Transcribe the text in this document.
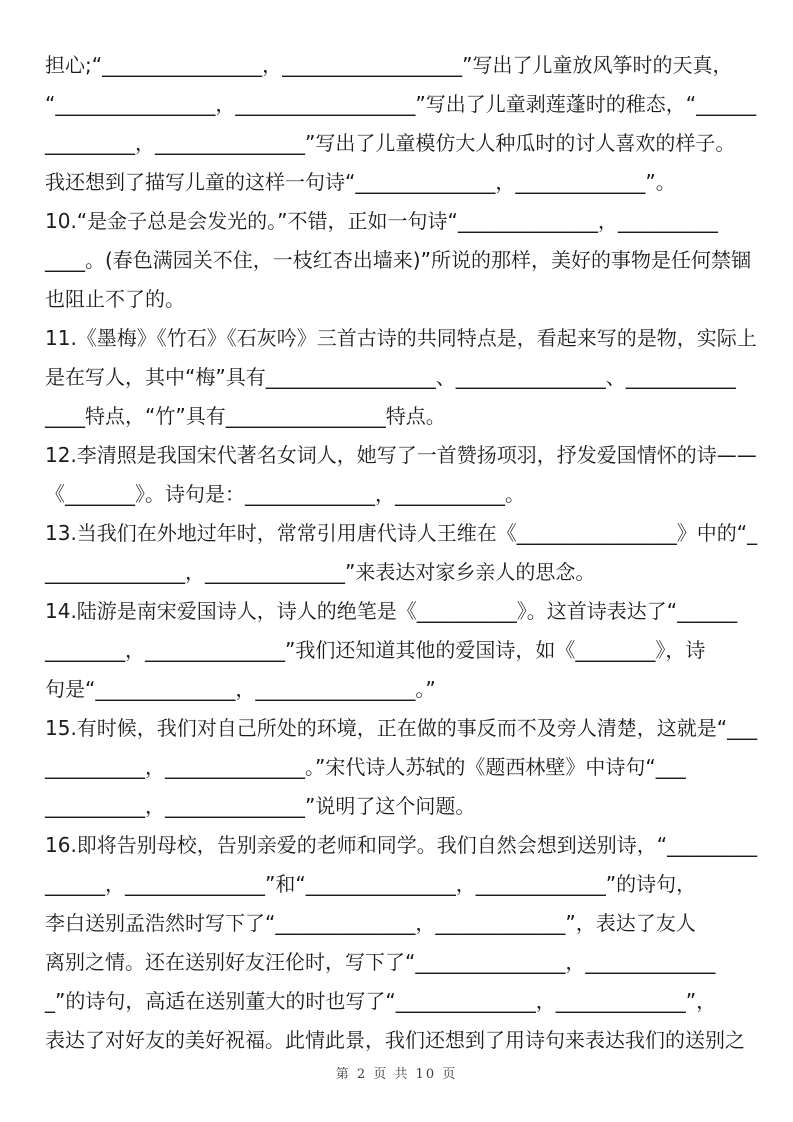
担心;“________________，__________________”写出了儿童放风筝时的天真，
“________________，__________________”写出了儿童剥莲蓬时的稚态，“______
_________，_______________”写出了儿童模仿大人种瓜时的讨人喜欢的样子。
我还想到了描写儿童的这样一句诗“______________，_____________”。
10.“是金子总是会发光的。”不错，正如一句诗“______________，__________
____。(春色满园关不住，一枝红杏出墙来)”所说的那样，美好的事物是任何禁锢
也阻止不了的。
11.《墨梅》《竹石》《石灰吟》三首古诗的共同特点是，看起来写的是物，实际上
是在写人，其中“梅”具有_________________、_______________、___________
____特点，“竹”具有________________特点。
12.李清照是我国宋代著名女词人，她写了一首赞扬项羽，抒发爱国情怀的诗——
《_______》。诗句是：_____________，___________。
13.当我们在外地过年时，常常引用唐代诗人王维在《________________》中的“_
______________，______________”来表达对家乡亲人的思念。
14.陆游是南宋爱国诗人，诗人的绝笔是《__________》。这首诗表达了“______
________，______________”我们还知道其他的爱国诗，如《________》，诗
句是“______________，________________。”
15.有时候，我们对自己所处的环境，正在做的事反而不及旁人清楚，这就是“___
__________，______________。”宋代诗人苏轼的《题西林壁》中诗句“___
__________，______________”说明了这个问题。
16.即将告别母校，告别亲爱的老师和同学。我们自然会想到送别诗，“_________
______，______________”和“_______________，_____________”的诗句，
李白送别孟浩然时写下了“______________，_____________”，表达了友人
离别之情。还在送别好友汪伦时，写下了“_______________，_____________
_”的诗句，高适在送别董大的时也写了“______________，_____________”，
表达了对好友的美好祝福。此情此景，我们还想到了用诗句来表达我们的送别之
第 2 页 共 10 页
